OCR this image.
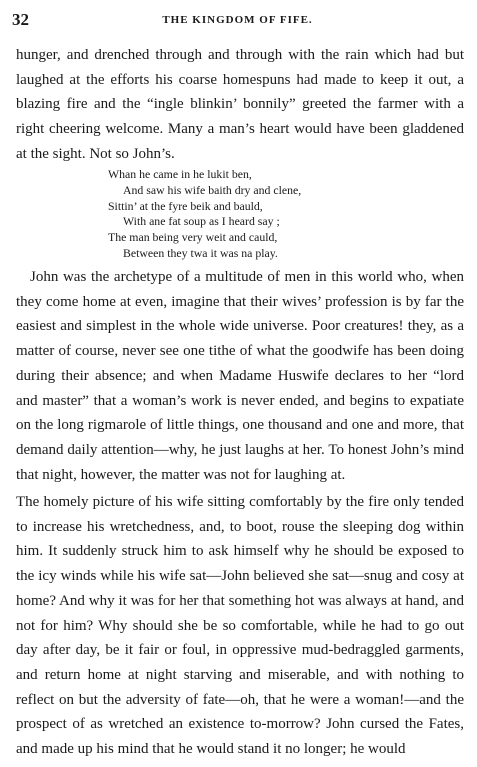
32	THE KINGDOM OF FIFE.

hunger, and drenched through and through with the rain which had but laughed at the efforts his coarse homespuns had made to keep it out, a blazing fire and the “ingle blinkin’ bonnily” greeted the farmer with a right cheering welcome. Many a man’s heart would have been gladdened at the sight. Not so John’s.

Whan he came in he lukit ben,
And saw his wife baith dry and clene,
Sittin’ at the fyre beik and bauld,
With ane fat soup as I heard say ;
The man being very weit and cauld,
Between they twa it was na play.

John was the archetype of a multitude of men in this world who, when they come home at even, imagine that their wives’ profession is by far the easiest and simplest in the whole wide universe. Poor creatures! they, as a matter of course, never see one tithe of what the goodwife has been doing during their absence; and when Madame Huswife declares to her “lord and master” that a woman’s work is never ended, and begins to expatiate on the long rigmarole of little things, one thousand and one and more, that demand daily attention—why, he just laughs at her. To honest John’s mind that night, however, the matter was not for laughing at.

The homely picture of his wife sitting comfortably by the fire only tended to increase his wretchedness, and, to boot, rouse the sleeping dog within him. It suddenly struck him to ask himself why he should be exposed to the icy winds while his wife sat—John believed she sat—snug and cosy at home? And why it was for her that something hot was always at hand, and not for him? Why should she be so comfortable, while he had to go out day after day, be it fair or foul, in oppressive mud-bedraggled garments, and return home at night starving and miserable, and with nothing to reflect on but the adversity of fate—oh, that he were a woman!—and the prospect of as wretched an existence to-morrow? John cursed the Fates, and made up his mind that he would stand it no longer; he would
